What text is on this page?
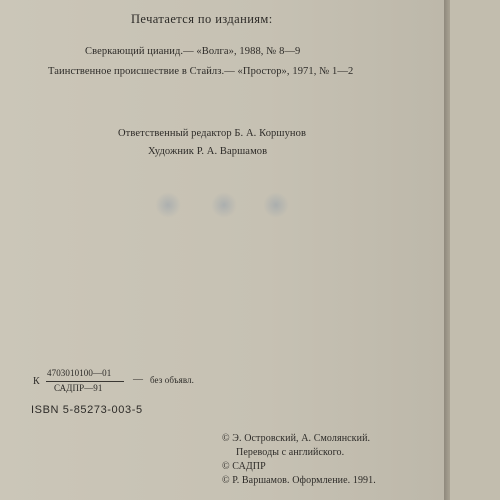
Печатается по изданиям:
Сверкающий цианид.— «Волга», 1988, № 8—9
Таинственное происшествие в Стайлз.— «Простор», 1971, № 1—2
Ответственный редактор Б. А. Коршунов
Художник Р. А. Варшамов
К
4703010100—01
САДПР—91
— без объявл.
ISBN 5-85273-003-5
© Э. Островский, А. Смолянский.
Переводы с английского.
© САДПР
© Р. Варшамов. Оформление. 1991.
